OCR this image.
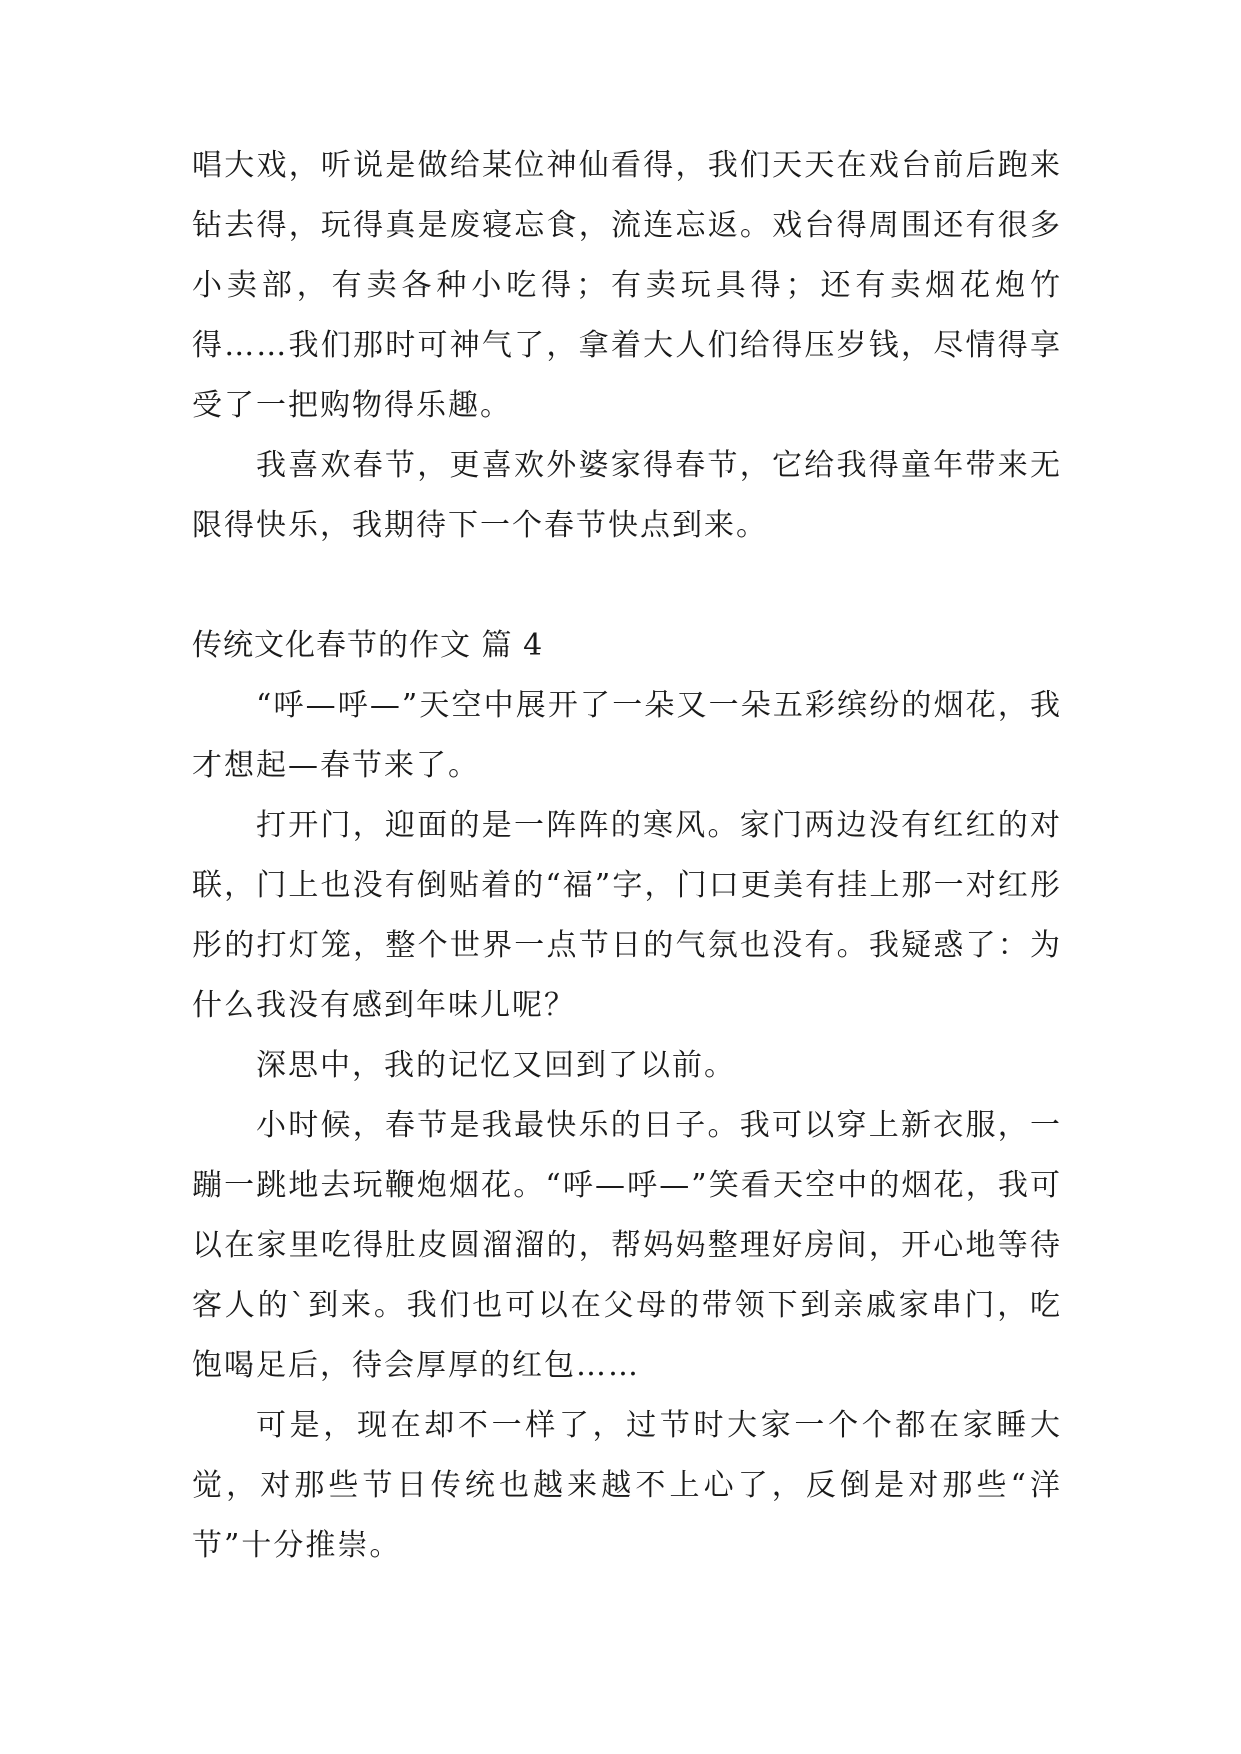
唱大戏，听说是做给某位神仙看得，我们天天在戏台前后跑来钻去得，玩得真是废寝忘食，流连忘返。戏台得周围还有很多小卖部，有卖各种小吃得；有卖玩具得；还有卖烟花炮竹得……我们那时可神气了，拿着大人们给得压岁钱，尽情得享受了一把购物得乐趣。

我喜欢春节，更喜欢外婆家得春节，它给我得童年带来无限得快乐，我期待下一个春节快点到来。

传统文化春节的作文 篇 4

“呼—呼—”天空中展开了一朵又一朵五彩缤纷的烟花，我才想起—春节来了。

打开门，迎面的是一阵阵的寒风。家门两边没有红红的对联，门上也没有倒贴着的“福”字，门口更美有挂上那一对红彤彤的打灯笼，整个世界一点节日的气氛也没有。我疑惑了：为什么我没有感到年味儿呢？

深思中，我的记忆又回到了以前。

小时候，春节是我最快乐的日子。我可以穿上新衣服，一蹦一跳地去玩鞭炮烟花。“呼—呼—”笑看天空中的烟花，我可以在家里吃得肚皮圆溜溜的，帮妈妈整理好房间，开心地等待客人的`到来。我们也可以在父母的带领下到亲戚家串门，吃饱喝足后，待会厚厚的红包……

可是，现在却不一样了，过节时大家一个个都在家睡大觉，对那些节日传统也越来越不上心了，反倒是对那些“洋节”十分推崇。
